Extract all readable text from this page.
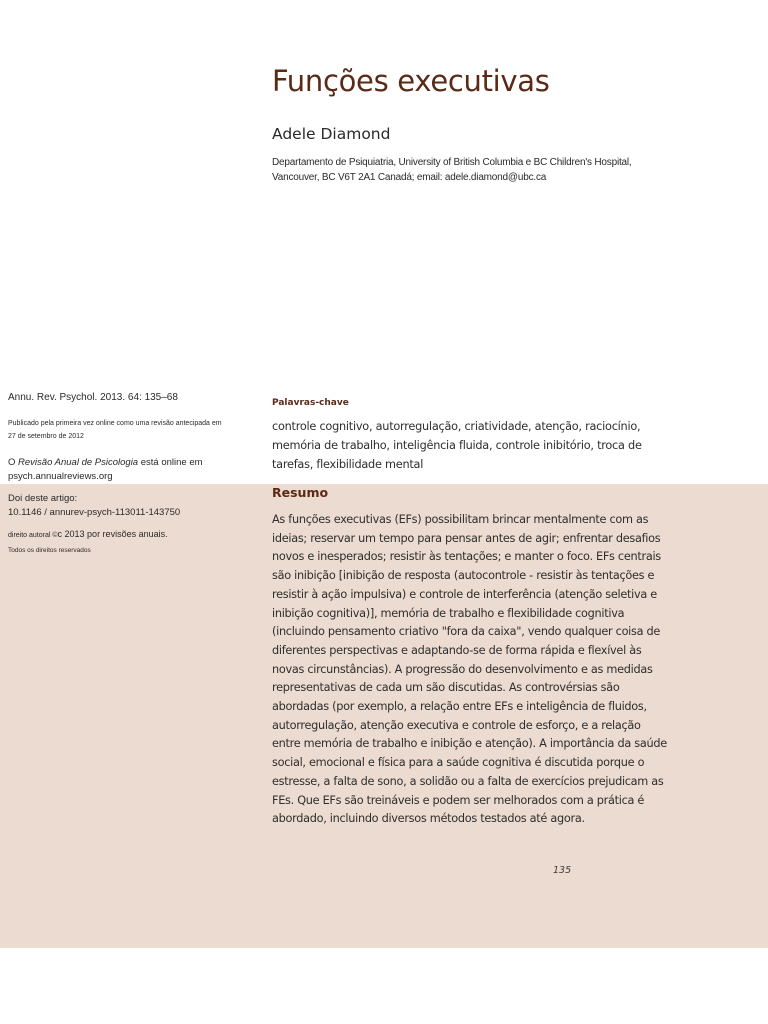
Funções executivas
Adele Diamond
Departamento de Psiquiatria, University of British Columbia e BC Children's Hospital, Vancouver, BC V6T 2A1 Canadá; email: adele.diamond@ubc.ca
Annu. Rev. Psychol. 2013. 64: 135–68
Publicado pela primeira vez online como uma revisão antecipada em 27 de setembro de 2012
O Revisão Anual de Psicologia está online em psych.annualreviews.org
Doi deste artigo:
10.1146 / annurev-psych-113011-143750
direito autoral ©c 2013 por revisões anuais.
Todos os direitos reservados
Palavras-chave
controle cognitivo, autorregulação, criatividade, atenção, raciocínio, memória de trabalho, inteligência fluida, controle inibitório, troca de tarefas, flexibilidade mental
Resumo
As funções executivas (EFs) possibilitam brincar mentalmente com as ideias; reservar um tempo para pensar antes de agir; enfrentar desafios novos e inesperados; resistir às tentações; e manter o foco. EFs centrais são inibição [inibição de resposta (autocontrole - resistir às tentações e resistir à ação impulsiva) e controle de interferência (atenção seletiva e inibição cognitiva)], memória de trabalho e flexibilidade cognitiva (incluindo pensamento criativo "fora da caixa", vendo qualquer coisa de diferentes perspectivas e adaptando-se de forma rápida e flexível às novas circunstâncias). A progressão do desenvolvimento e as medidas representativas de cada um são discutidas. As controvérsias são abordadas (por exemplo, a relação entre EFs e inteligência de fluidos, autorregulação, atenção executiva e controle de esforço, e a relação entre memória de trabalho e inibição e atenção). A importância da saúde social, emocional e física para a saúde cognitiva é discutida porque o estresse, a falta de sono, a solidão ou a falta de exercícios prejudicam as FEs. Que EFs são treináveis e podem ser melhorados com a prática é abordado, incluindo diversos métodos testados até agora.
135
